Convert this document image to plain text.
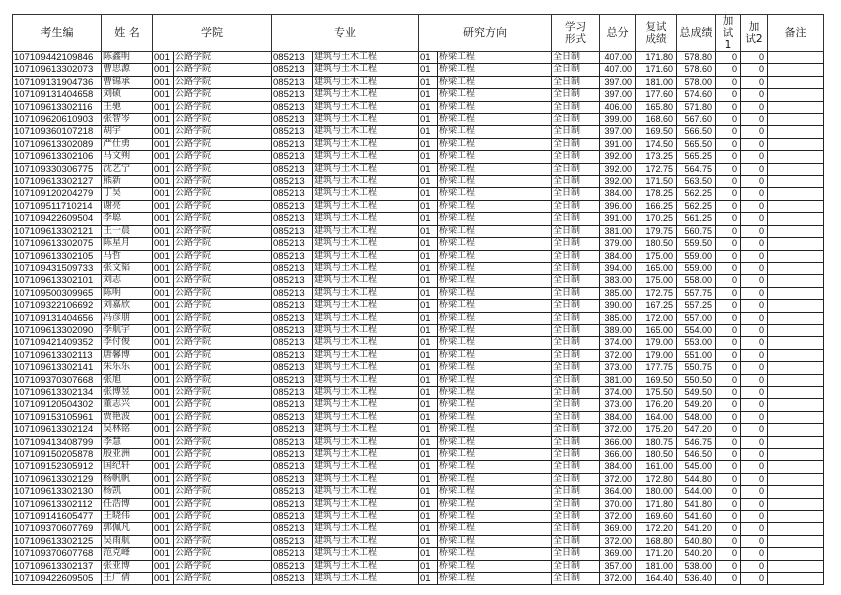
考生编	姓 名	学院		专业		研究方向		学习形式	总分	复试成绩	总成绩	加试1	加试2	备注
107109442109846	陈鑫明	001	公路学院	085213	建筑与土木工程	01	桥梁工程	全日制	407.00	171.80	578.80	0	0	
107109613302073	曹思源	001	公路学院	085213	建筑与土木工程	01	桥梁工程	全日制	407.00	171.60	578.60	0	0	
107109131904736	曹锦承	001	公路学院	085213	建筑与土木工程	01	桥梁工程	全日制	397.00	181.00	578.00	0	0	
107109131404658	刘硕	001	公路学院	085213	建筑与土木工程	01	桥梁工程	全日制	397.00	177.60	574.60	0	0	
107109613302116	王驰	001	公路学院	085213	建筑与土木工程	01	桥梁工程	全日制	406.00	165.80	571.80	0	0	
107109620610903	张智岑	001	公路学院	085213	建筑与土木工程	01	桥梁工程	全日制	399.00	168.60	567.60	0	0	
107109360107218	胡宇	001	公路学院	085213	建筑与土木工程	01	桥梁工程	全日制	397.00	169.50	566.50	0	0	
107109613302089	严仕勇	001	公路学院	085213	建筑与土木工程	01	桥梁工程	全日制	391.00	174.50	565.50	0	0	
107109613302106	马文朔	001	公路学院	085213	建筑与土木工程	01	桥梁工程	全日制	392.00	173.25	565.25	0	0	
107109330306775	沈艺宁	001	公路学院	085213	建筑与土木工程	01	桥梁工程	全日制	392.00	172.75	564.75	0	0	
107109613302127	熊新	001	公路学院	085213	建筑与土木工程	01	桥梁工程	全日制	392.00	171.50	563.50	0	0	
107109120204279	丁昊	001	公路学院	085213	建筑与土木工程	01	桥梁工程	全日制	384.00	178.25	562.25	0	0	
107109511710214	谢亮	001	公路学院	085213	建筑与土木工程	01	桥梁工程	全日制	396.00	166.25	562.25	0	0	
107109422609504	李聪	001	公路学院	085213	建筑与土木工程	01	桥梁工程	全日制	391.00	170.25	561.25	0	0	
107109613302121	王一晨	001	公路学院	085213	建筑与土木工程	01	桥梁工程	全日制	381.00	179.75	560.75	0	0	
107109613302075	陈星月	001	公路学院	085213	建筑与土木工程	01	桥梁工程	全日制	379.00	180.50	559.50	0	0	
107109613302105	马哲	001	公路学院	085213	建筑与土木工程	01	桥梁工程	全日制	384.00	175.00	559.00	0	0	
107109431509733	张文韬	001	公路学院	085213	建筑与土木工程	01	桥梁工程	全日制	394.00	165.00	559.00	0	0	
107109613302101	刘志	001	公路学院	085213	建筑与土木工程	01	桥梁工程	全日制	383.00	175.00	558.00	0	0	
107109500309965	陈明	001	公路学院	085213	建筑与土木工程	01	桥梁工程	全日制	385.00	172.75	557.75	0	0	
107109322106692	刘嘉欣	001	公路学院	085213	建筑与土木工程	01	桥梁工程	全日制	390.00	167.25	557.25	0	0	
107109131404656	冯彦朋	001	公路学院	085213	建筑与土木工程	01	桥梁工程	全日制	385.00	172.00	557.00	0	0	
107109613302090	李航宇	001	公路学院	085213	建筑与土木工程	01	桥梁工程	全日制	389.00	165.00	554.00	0	0	
107109421409352	李付俊	001	公路学院	085213	建筑与土木工程	01	桥梁工程	全日制	374.00	179.00	553.00	0	0	
107109613302113	唐馨博	001	公路学院	085213	建筑与土木工程	01	桥梁工程	全日制	372.00	179.00	551.00	0	0	
107109613302141	朱乐乐	001	公路学院	085213	建筑与土木工程	01	桥梁工程	全日制	373.00	177.75	550.75	0	0	
107109370307668	张旭	001	公路学院	085213	建筑与土木工程	01	桥梁工程	全日制	381.00	169.50	550.50	0	0	
107109613302134	张博昱	001	公路学院	085213	建筑与土木工程	01	桥梁工程	全日制	374.00	175.50	549.50	0	0	
107109120504302	董志兴	001	公路学院	085213	建筑与土木工程	01	桥梁工程	全日制	373.00	176.20	549.20	0	0	
107109153105961	贾艳波	001	公路学院	085213	建筑与土木工程	01	桥梁工程	全日制	384.00	164.00	548.00	0	0	
107109613302124	吴林铭	001	公路学院	085213	建筑与土木工程	01	桥梁工程	全日制	372.00	175.20	547.20	0	0	
107109413408799	李慧	001	公路学院	085213	建筑与土木工程	01	桥梁工程	全日制	366.00	180.75	546.75	0	0	
107109150205878	殷亚洲	001	公路学院	085213	建筑与土木工程	01	桥梁工程	全日制	366.00	180.50	546.50	0	0	
107109152305912	国纪轩	001	公路学院	085213	建筑与土木工程	01	桥梁工程	全日制	384.00	161.00	545.00	0	0	
107109613302129	杨帆帆	001	公路学院	085213	建筑与土木工程	01	桥梁工程	全日制	372.00	172.80	544.80	0	0	
107109613302130	杨凯	001	公路学院	085213	建筑与土木工程	01	桥梁工程	全日制	364.00	180.00	544.00	0	0	
107109613302112	任浩博	001	公路学院	085213	建筑与土木工程	01	桥梁工程	全日制	370.00	171.80	541.80	0	0	
107109141605477	王晓伟	001	公路学院	085213	建筑与土木工程	01	桥梁工程	全日制	372.00	169.60	541.60	0	0	
107109370607769	郭佩凡	001	公路学院	085213	建筑与土木工程	01	桥梁工程	全日制	369.00	172.20	541.20	0	0	
107109613302125	吴雨航	001	公路学院	085213	建筑与土木工程	01	桥梁工程	全日制	372.00	168.80	540.80	0	0	
107109370607768	范克峰	001	公路学院	085213	建筑与土木工程	01	桥梁工程	全日制	369.00	171.20	540.20	0	0	
107109613302137	张亚博	001	公路学院	085213	建筑与土木工程	01	桥梁工程	全日制	357.00	181.00	538.00	0	0	
107109422609505	王广倩	001	公路学院	085213	建筑与土木工程	01	桥梁工程	全日制	372.00	164.40	536.40	0	0	
